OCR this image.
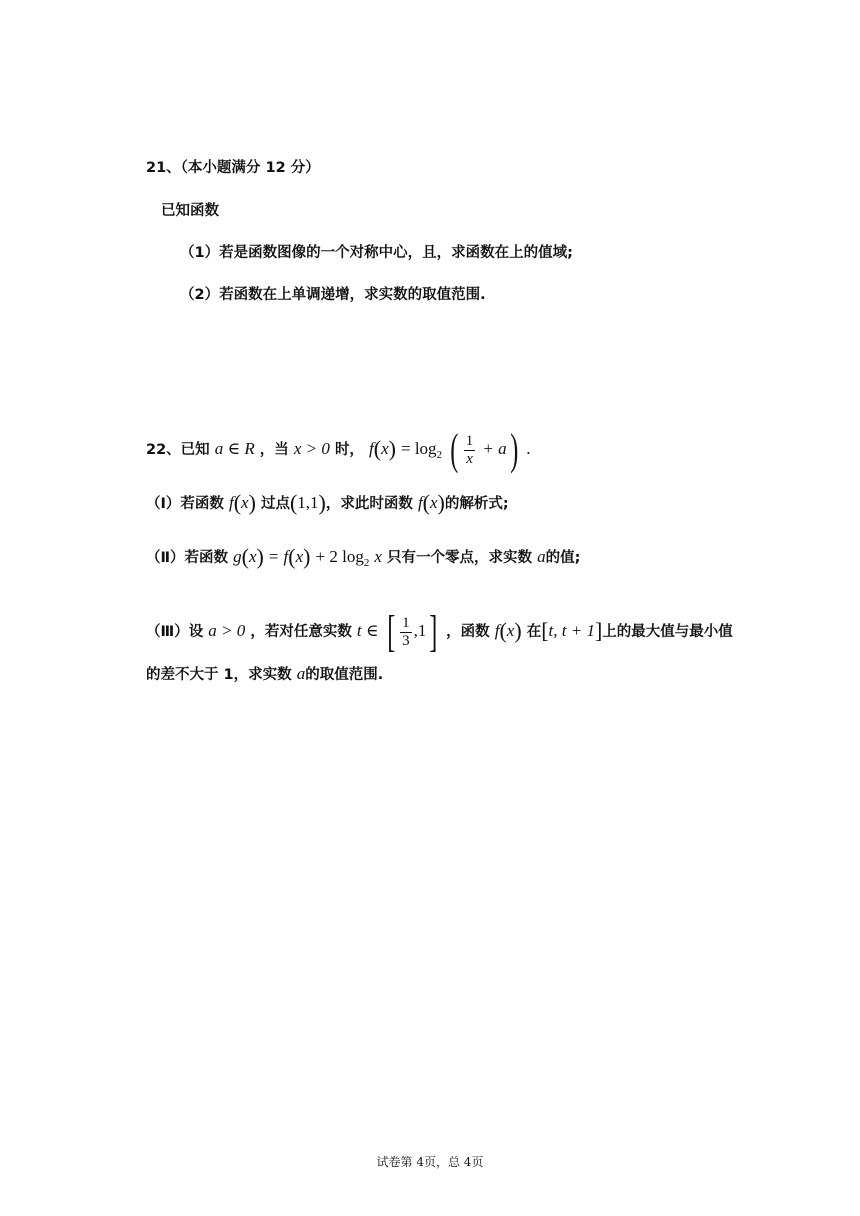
21、（本小题满分 12 分）
已知函数
（1）若是函数图像的一个对称中心，且，求函数在上的值域;
（2）若函数在上单调递增，求实数的取值范围.
22、已知 a ∈ R ，当 x > 0 时， $f(x) = \log_2$ ( $\frac{1}{x} + a$) .
（Ⅰ）若函数 f(x) 过点(1,1)，求此时函数 f(x)的解析式;
（Ⅱ）若函数 g(x) = f(x) + 2 $\log_2 x$ 只有一个零点，求实数 a的值;
（Ⅲ）设 a > 0 ，若对任意实数 t ∈ [ $\frac{1}{3} ,1$] ，函数 f(x) 在[t, t + 1]上的最大值与最小值
的差不大于 1，求实数 a的取值范围.
试卷第 4页，总 4页
